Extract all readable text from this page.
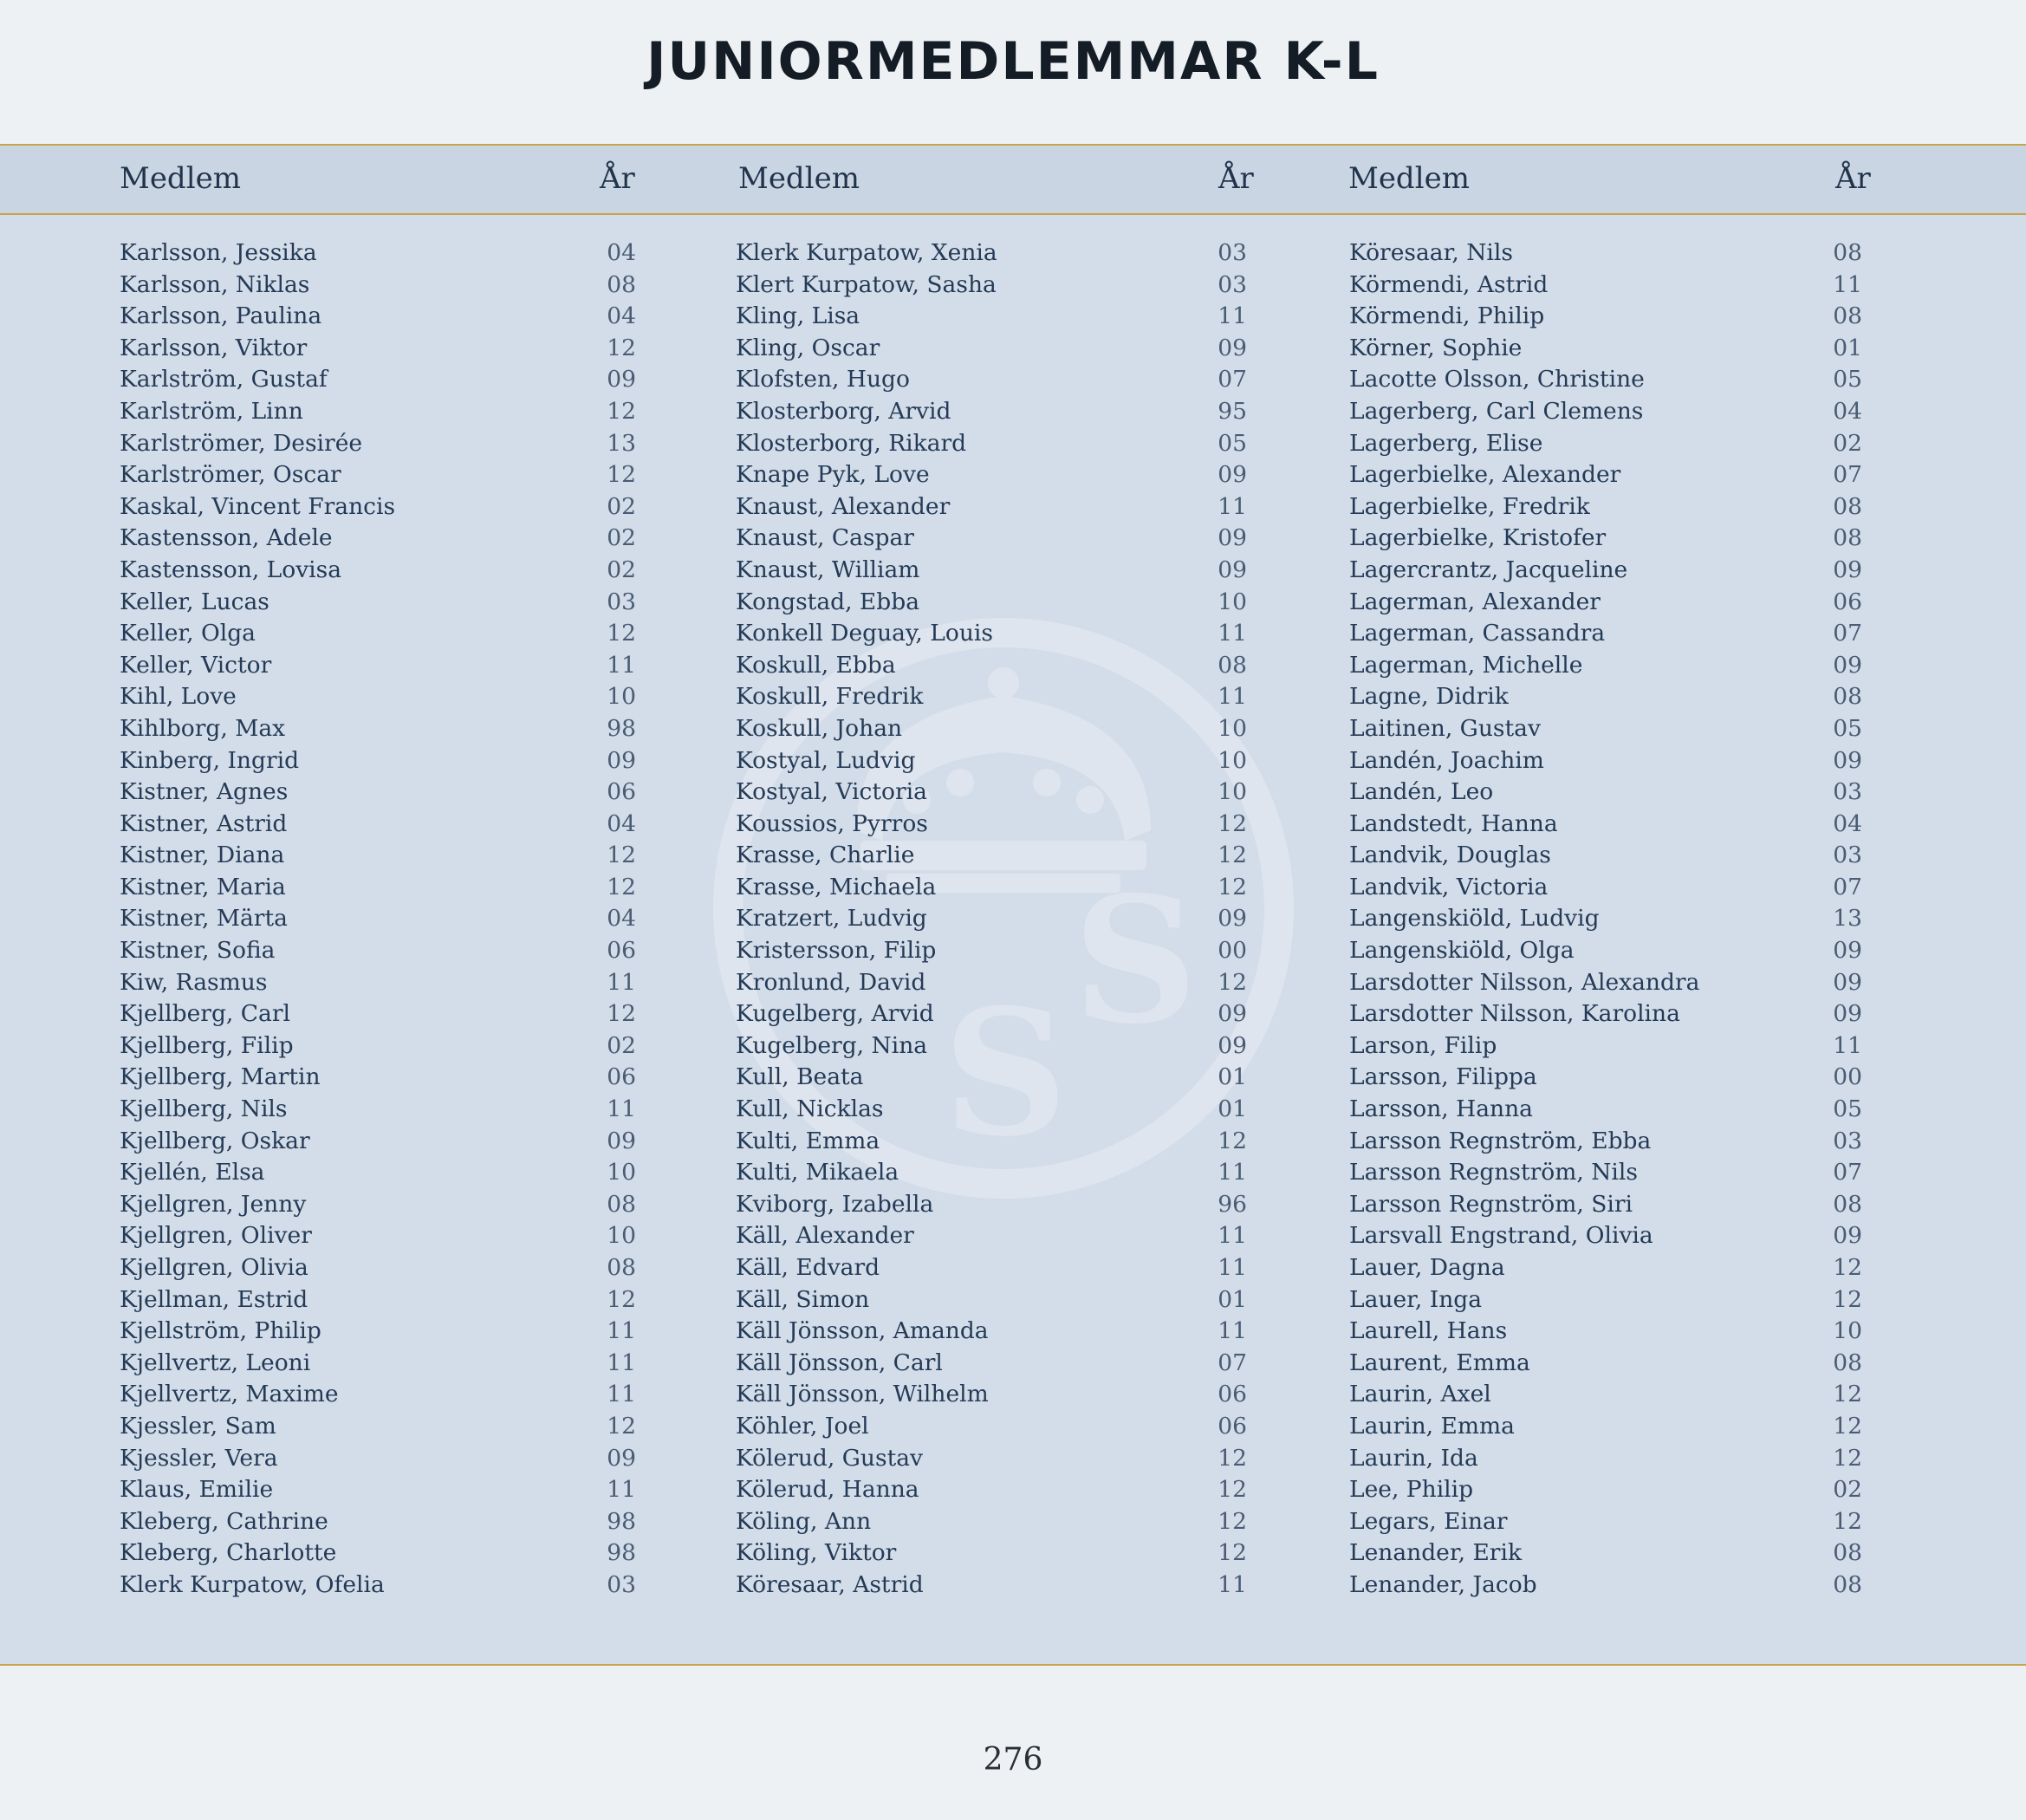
JUNIORMEDLEMMAR K-L
Medlem	År	Medlem	År	Medlem	År
S
S
Karlsson, Jessika	04
Karlsson, Niklas	08
Karlsson, Paulina	04
Karlsson, Viktor	12
Karlström, Gustaf	09
Karlström, Linn	12
Karlströmer, Desirée	13
Karlströmer, Oscar	12
Kaskal, Vincent Francis	02
Kastensson, Adele	02
Kastensson, Lovisa	02
Keller, Lucas	03
Keller, Olga	12
Keller, Victor	11
Kihl, Love	10
Kihlborg, Max	98
Kinberg, Ingrid	09
Kistner, Agnes	06
Kistner, Astrid	04
Kistner, Diana	12
Kistner, Maria	12
Kistner, Märta	04
Kistner, Sofia	06
Kiw, Rasmus	11
Kjellberg, Carl	12
Kjellberg, Filip	02
Kjellberg, Martin	06
Kjellberg, Nils	11
Kjellberg, Oskar	09
Kjellén, Elsa	10
Kjellgren, Jenny	08
Kjellgren, Oliver	10
Kjellgren, Olivia	08
Kjellman, Estrid	12
Kjellström, Philip	11
Kjellvertz, Leoni	11
Kjellvertz, Maxime	11
Kjessler, Sam	12
Kjessler, Vera	09
Klaus, Emilie	11
Kleberg, Cathrine	98
Kleberg, Charlotte	98
Klerk Kurpatow, Ofelia	03
Klerk Kurpatow, Xenia	03
Klert Kurpatow, Sasha	03
Kling, Lisa	11
Kling, Oscar	09
Klofsten, Hugo	07
Klosterborg, Arvid	95
Klosterborg, Rikard	05
Knape Pyk, Love	09
Knaust, Alexander	11
Knaust, Caspar	09
Knaust, William	09
Kongstad, Ebba	10
Konkell Deguay, Louis	11
Koskull, Ebba	08
Koskull, Fredrik	11
Koskull, Johan	10
Kostyal, Ludvig	10
Kostyal, Victoria	10
Koussios, Pyrros	12
Krasse, Charlie	12
Krasse, Michaela	12
Kratzert, Ludvig	09
Kristersson, Filip	00
Kronlund, David	12
Kugelberg, Arvid	09
Kugelberg, Nina	09
Kull, Beata	01
Kull, Nicklas	01
Kulti, Emma	12
Kulti, Mikaela	11
Kviborg, Izabella	96
Käll, Alexander	11
Käll, Edvard	11
Käll, Simon	01
Käll Jönsson, Amanda	11
Käll Jönsson, Carl	07
Käll Jönsson, Wilhelm	06
Köhler, Joel	06
Kölerud, Gustav	12
Kölerud, Hanna	12
Köling, Ann	12
Köling, Viktor	12
Köresaar, Astrid	11
Köresaar, Nils	08
Körmendi, Astrid	11
Körmendi, Philip	08
Körner, Sophie	01
Lacotte Olsson, Christine	05
Lagerberg, Carl Clemens	04
Lagerberg, Elise	02
Lagerbielke, Alexander	07
Lagerbielke, Fredrik	08
Lagerbielke, Kristofer	08
Lagercrantz, Jacqueline	09
Lagerman, Alexander	06
Lagerman, Cassandra	07
Lagerman, Michelle	09
Lagne, Didrik	08
Laitinen, Gustav	05
Landén, Joachim	09
Landén, Leo	03
Landstedt, Hanna	04
Landvik, Douglas	03
Landvik, Victoria	07
Langenskiöld, Ludvig	13
Langenskiöld, Olga	09
Larsdotter Nilsson, Alexandra	09
Larsdotter Nilsson, Karolina	09
Larson, Filip	11
Larsson, Filippa	00
Larsson, Hanna	05
Larsson Regnström, Ebba	03
Larsson Regnström, Nils	07
Larsson Regnström, Siri	08
Larsvall Engstrand, Olivia	09
Lauer, Dagna	12
Lauer, Inga	12
Laurell, Hans	10
Laurent, Emma	08
Laurin, Axel	12
Laurin, Emma	12
Laurin, Ida	12
Lee, Philip	02
Legars, Einar	12
Lenander, Erik	08
Lenander, Jacob	08
276
